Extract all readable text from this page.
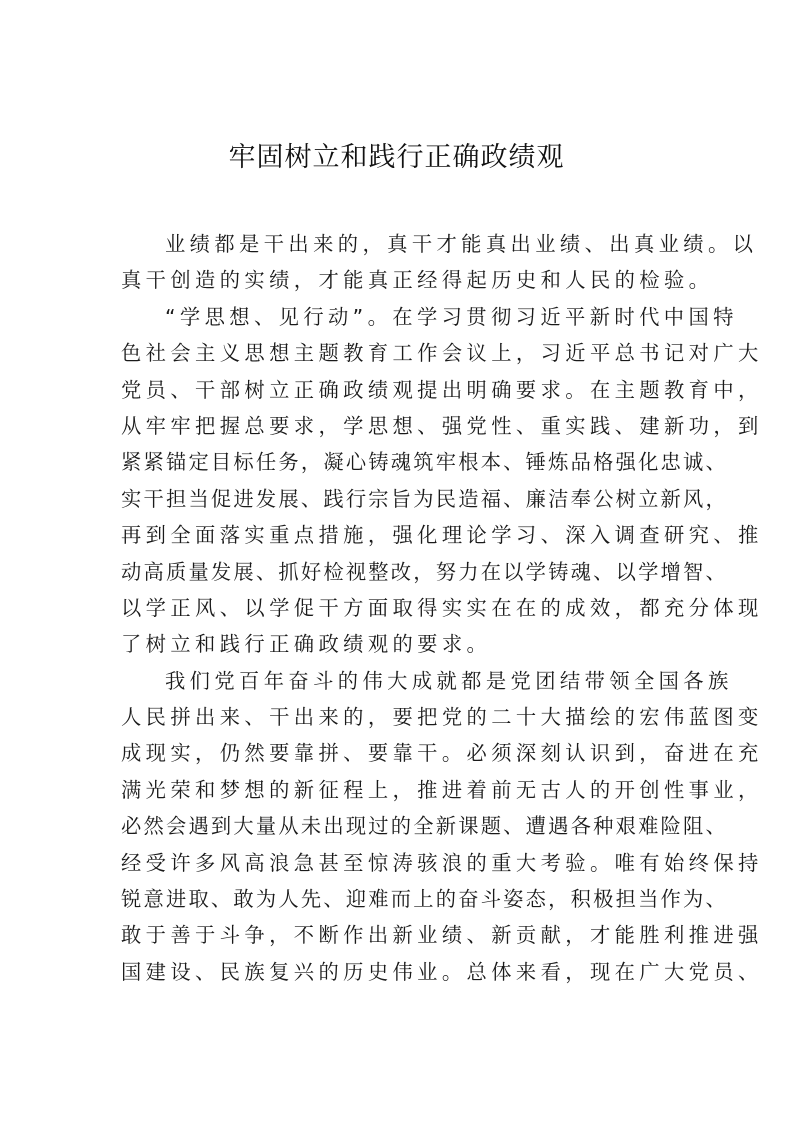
牢固树立和践行正确政绩观
业绩都是干出来的，真干才能真出业绩、出真业绩。以
真干创造的实绩，才能真正经得起历史和人民的检验。
“学思想、见行动”。在学习贯彻习近平新时代中国特
色社会主义思想主题教育工作会议上，习近平总书记对广大
党员、干部树立正确政绩观提出明确要求。在主题教育中，
从牢牢把握总要求，学思想、强党性、重实践、建新功，到
紧紧锚定目标任务，凝心铸魂筑牢根本、锤炼品格强化忠诚、
实干担当促进发展、践行宗旨为民造福、廉洁奉公树立新风，
再到全面落实重点措施，强化理论学习、深入调查研究、推
动高质量发展、抓好检视整改，努力在以学铸魂、以学增智、
以学正风、以学促干方面取得实实在在的成效，都充分体现
了树立和践行正确政绩观的要求。
我们党百年奋斗的伟大成就都是党团结带领全国各族
人民拼出来、干出来的，要把党的二十大描绘的宏伟蓝图变
成现实，仍然要靠拼、要靠干。必须深刻认识到，奋进在充
满光荣和梦想的新征程上，推进着前无古人的开创性事业，
必然会遇到大量从未出现过的全新课题、遭遇各种艰难险阻、
经受许多风高浪急甚至惊涛骇浪的重大考验。唯有始终保持
锐意进取、敢为人先、迎难而上的奋斗姿态，积极担当作为、
敢于善于斗争，不断作出新业绩、新贡献，才能胜利推进强
国建设、民族复兴的历史伟业。总体来看，现在广大党员、
